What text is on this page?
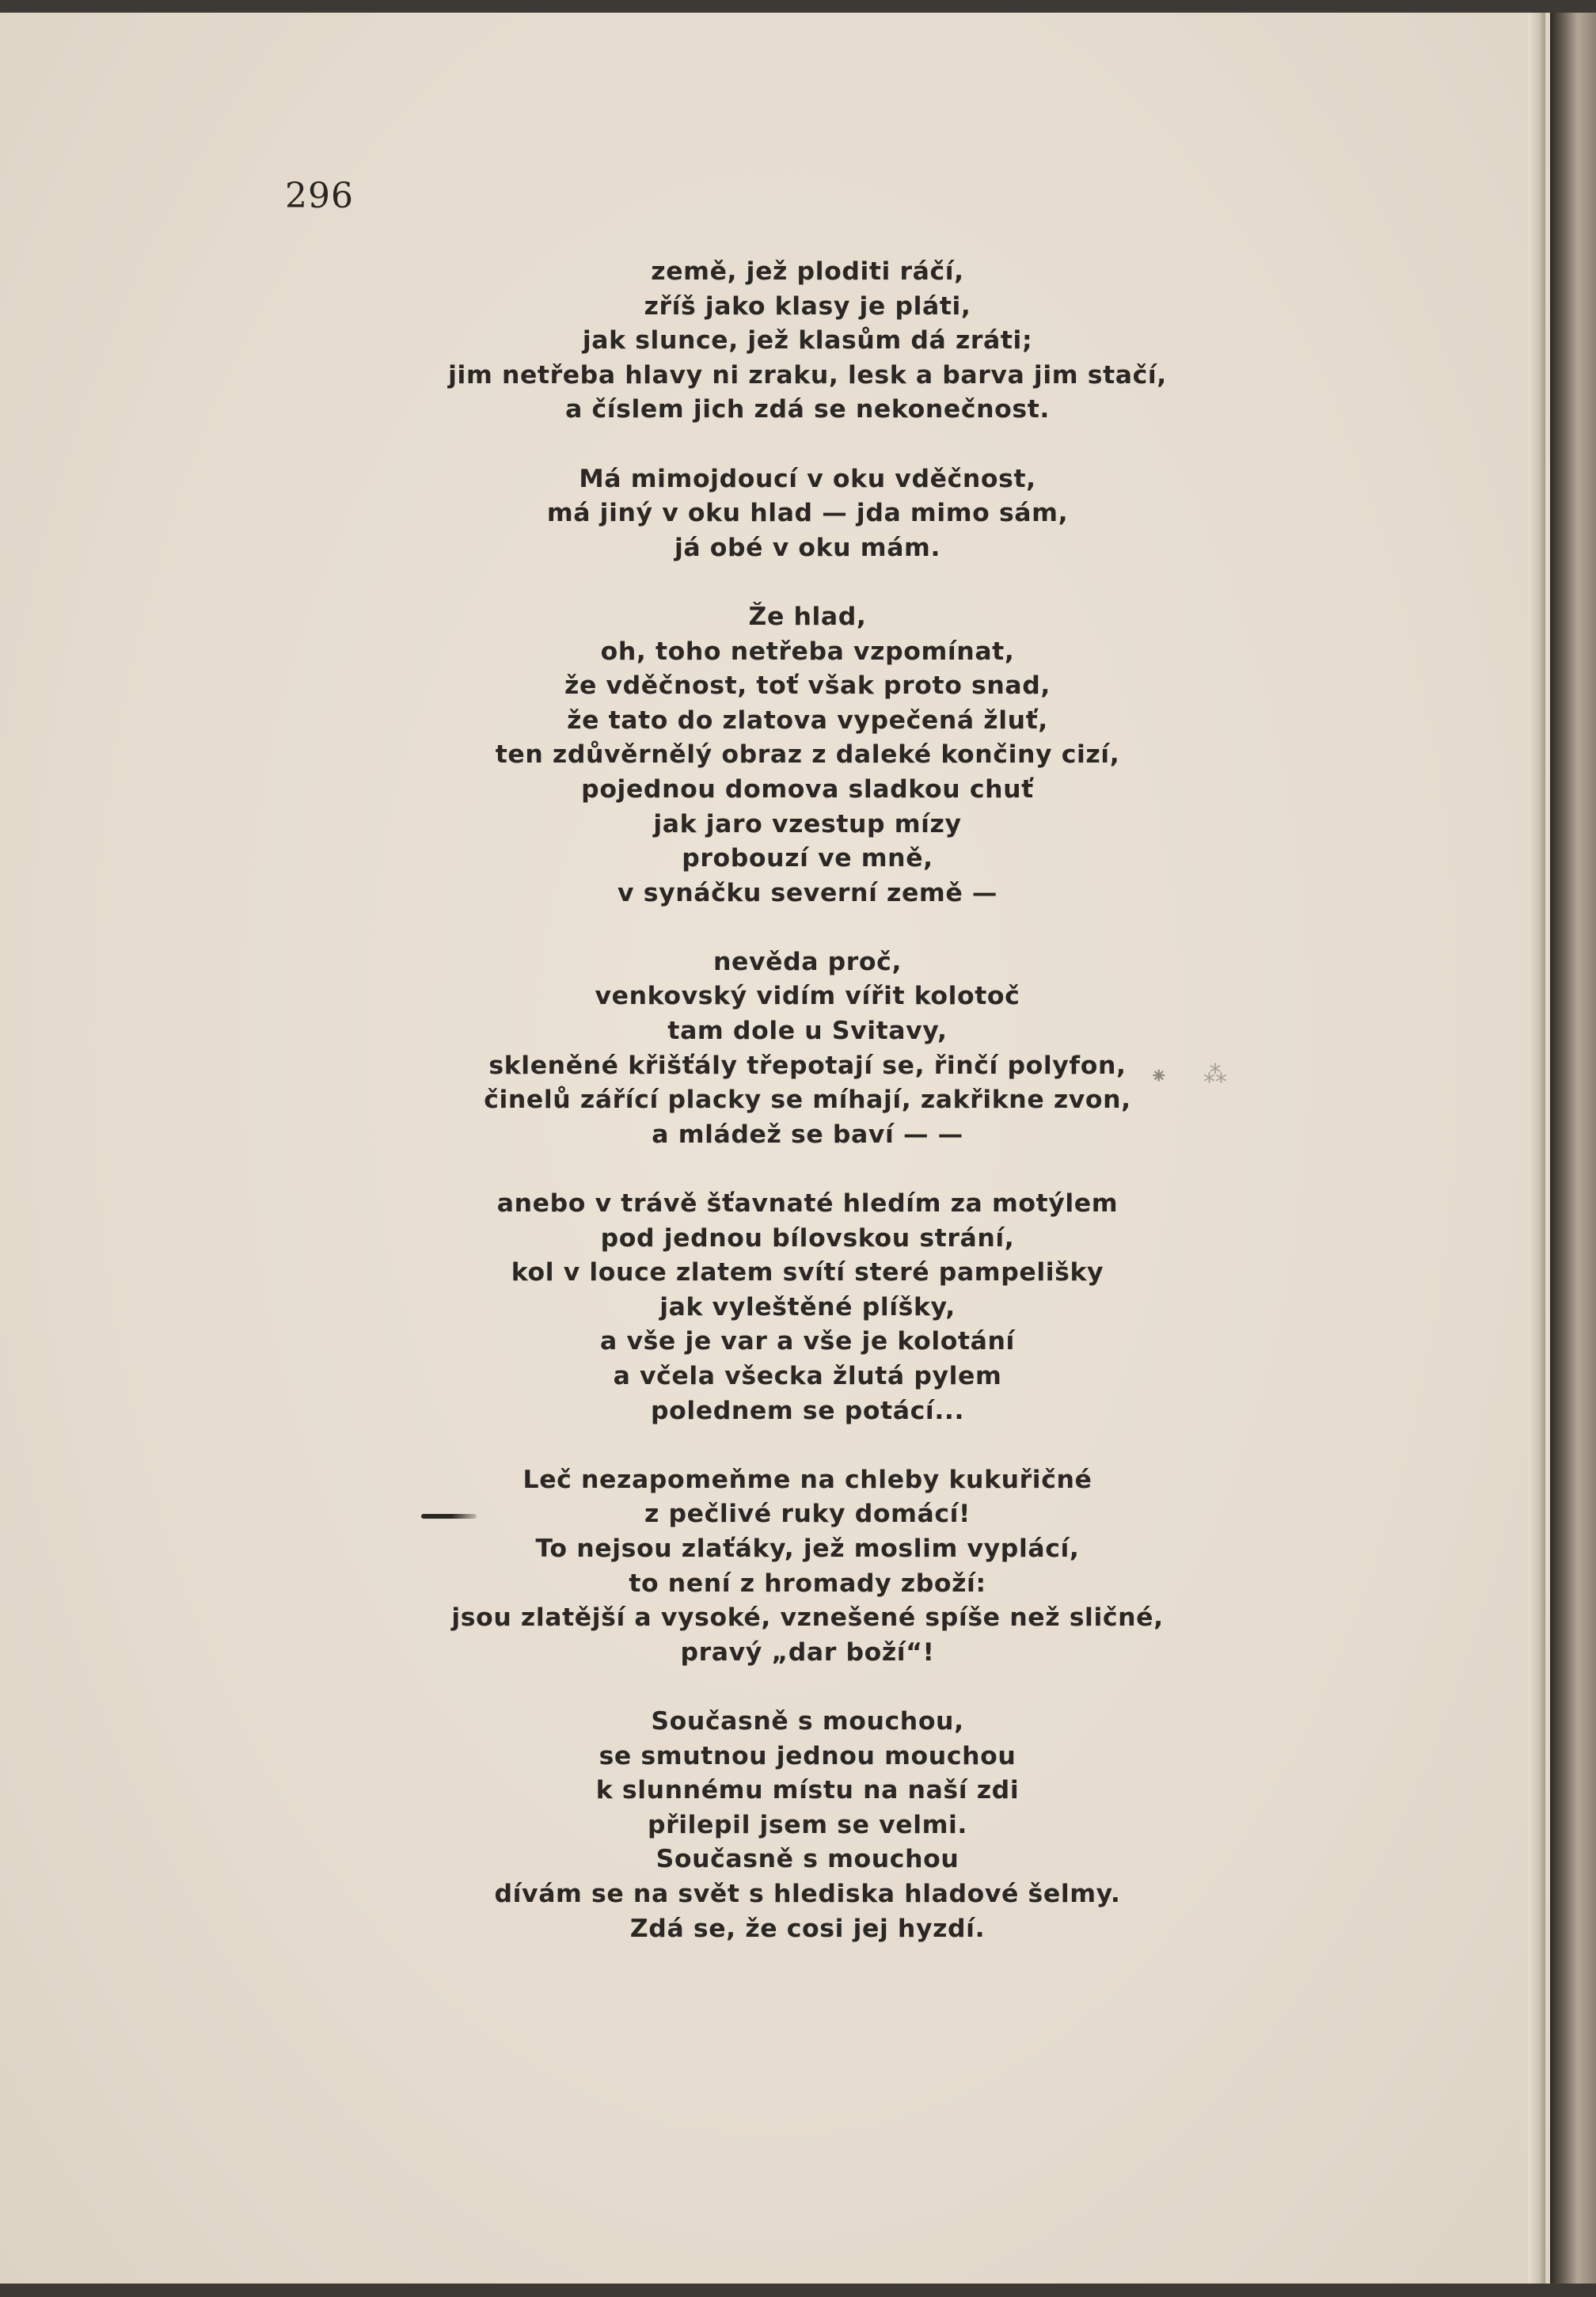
296
země, jež ploditi ráčí,
zříš jako klasy je pláti,
jak slunce, jež klasům dá zráti;
jim netřeba hlavy ni zraku, lesk a barva jim stačí,
a číslem jich zdá se nekonečnost.
Má mimojdoucí v oku vděčnost,
má jiný v oku hlad — jda mimo sám,
já obé v oku mám.
Že hlad,
oh, toho netřeba vzpomínat,
že vděčnost, toť však proto snad,
že tato do zlatova vypečená žluť,
ten zdůvěrnělý obraz z daleké končiny cizí,
pojednou domova sladkou chuť
jak jaro vzestup mízy
probouzí ve mně,
v synáčku severní země —
nevěda proč,
venkovský vidím vířit kolotoč
tam dole u Svitavy,
skleněné křišťály třepotají se, řinčí polyfon,
činelů zářící placky se míhají, zakřikne zvon,
a mládež se baví — —
anebo v trávě šťavnaté hledím za motýlem
pod jednou bílovskou strání,
kol v louce zlatem svítí steré pampelišky
jak vyleštěné plíšky,
a vše je var a vše je kolotání
a včela všecka žlutá pylem
polednem se potácí...
Leč nezapomeňme na chleby kukuřičné
z pečlivé ruky domácí!
To nejsou zlaťáky, jež moslim vyplácí,
to není z hromady zboží:
jsou zlatější a vysoké, vznešené spíše než sličné,
pravý „dar boží“!
Současně s mouchou,
se smutnou jednou mouchou
k slunnému místu na naší zdi
přilepil jsem se velmi.
Současně s mouchou
dívám se na svět s hlediska hladové šelmy.
Zdá se, že cosi jej hyzdí.
⁕ ⁂
